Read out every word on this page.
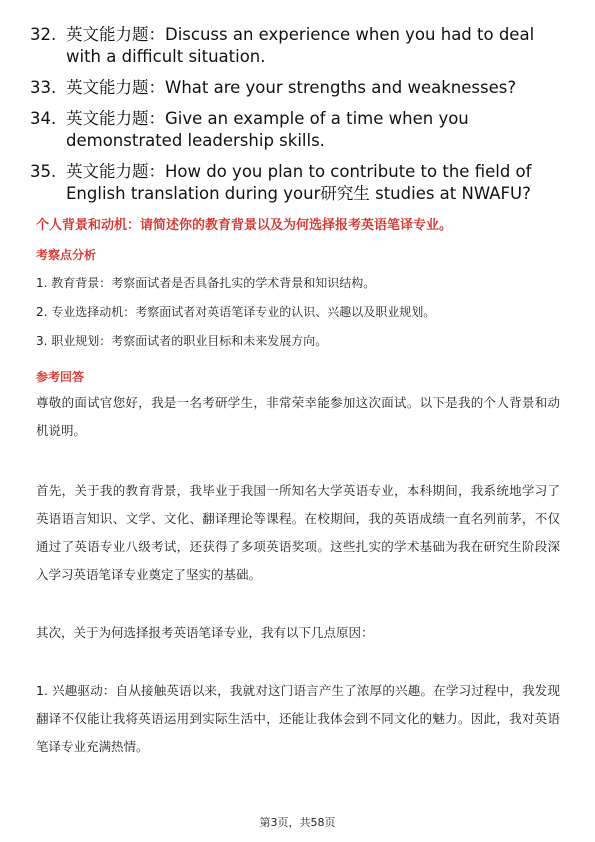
32. 英文能力题：Discuss an experience when you had to deal with a difficult situation.
33. 英文能力题：What are your strengths and weaknesses?
34. 英文能力题：Give an example of a time when you demonstrated leadership skills.
35. 英文能力题：How do you plan to contribute to the field of English translation during your研究生 studies at NWAFU?
个人背景和动机：请简述你的教育背景以及为何选择报考英语笔译专业。
考察点分析
1. 教育背景：考察面试者是否具备扎实的学术背景和知识结构。
2. 专业选择动机：考察面试者对英语笔译专业的认识、兴趣以及职业规划。
3. 职业规划：考察面试者的职业目标和未来发展方向。
参考回答
尊敬的面试官您好，我是一名考研学生，非常荣幸能参加这次面试。以下是我的个人背景和动机说明。
首先，关于我的教育背景，我毕业于我国一所知名大学英语专业，本科期间，我系统地学习了英语语言知识、文学、文化、翻译理论等课程。在校期间，我的英语成绩一直名列前茅，不仅通过了英语专业八级考试，还获得了多项英语奖项。这些扎实的学术基础为我在研究生阶段深入学习英语笔译专业奠定了坚实的基础。
其次，关于为何选择报考英语笔译专业，我有以下几点原因：
1. 兴趣驱动：自从接触英语以来，我就对这门语言产生了浓厚的兴趣。在学习过程中，我发现翻译不仅能让我将英语运用到实际生活中，还能让我体会到不同文化的魅力。因此，我对英语笔译专业充满热情。
第3页，共58页
